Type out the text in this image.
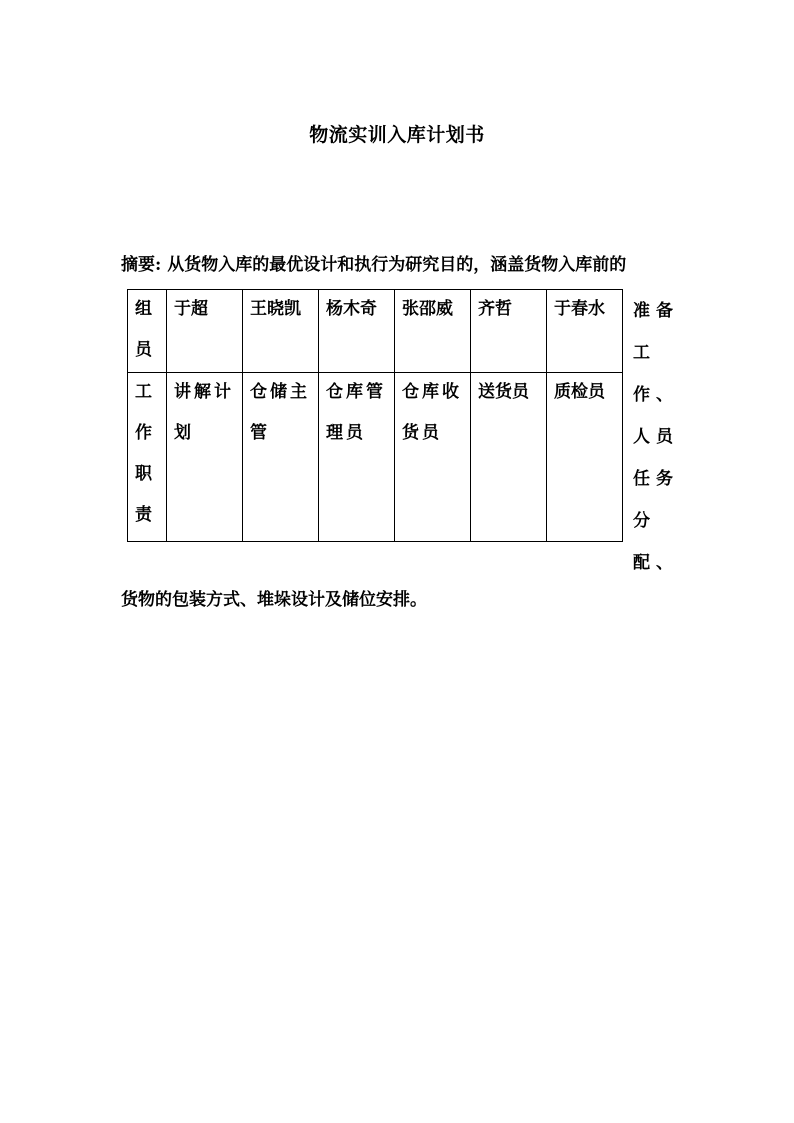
物流实训入库计划书
摘要: 从货物入库的最优设计和执行为研究目的，涵盖货物入库前的
组员	于超	王晓凯	杨木奇	张邵威	齐哲	于春水

工作职责	讲解计划	仓储主管	仓库管理员	仓库收货员	送货员	质检员
准备工作、人员任务分配、
货物的包装方式、堆垛设计及储位安排。
